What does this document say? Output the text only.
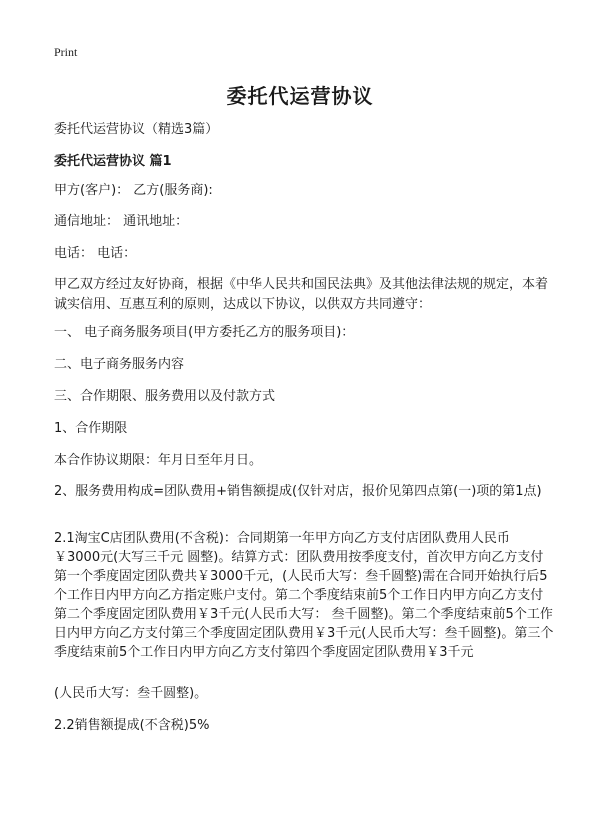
Print
委托代运营协议

委托代运营协议（精选3篇）

委托代运营协议 篇1

甲方(客户)： 乙方(服务商):

通信地址： 通讯地址：

电话： 电话：

甲乙双方经过友好协商，根据《中华人民共和国民法典》及其他法律法规的规定，本着诚实信用、互惠互利的原则，达成以下协议，以供双方共同遵守：

一、 电子商务服务项目(甲方委托乙方的服务项目)：

二、电子商务服务内容

三、合作期限、服务费用以及付款方式

1、合作期限

本合作协议期限：年月日至年月日。

2、服务费用构成=团队费用+销售额提成(仅针对店，报价见第四点第(一)项的第1点)

2.1淘宝C店团队费用(不含税)：合同期第一年甲方向乙方支付店团队费用人民币￥3000元(大写三千元 圆整)。结算方式：团队费用按季度支付，首次甲方向乙方支付第一个季度固定团队费共￥3000千元，(人民币大写：叁千圆整)需在合同开始执行后5个工作日内甲方向乙方指定账户支付。第二个季度结束前5个工作日内甲方向乙方支付第二个季度固定团队费用￥3千元(人民币大写： 叁千圆整)。第二个季度结束前5个工作日内甲方向乙方支付第三个季度固定团队费用￥3千元(人民币大写：叁千圆整)。第三个季度结束前5个工作日内甲方向乙方支付第四个季度固定团队费用￥3千元

(人民币大写：叁千圆整)。

2.2销售额提成(不含税)5%
